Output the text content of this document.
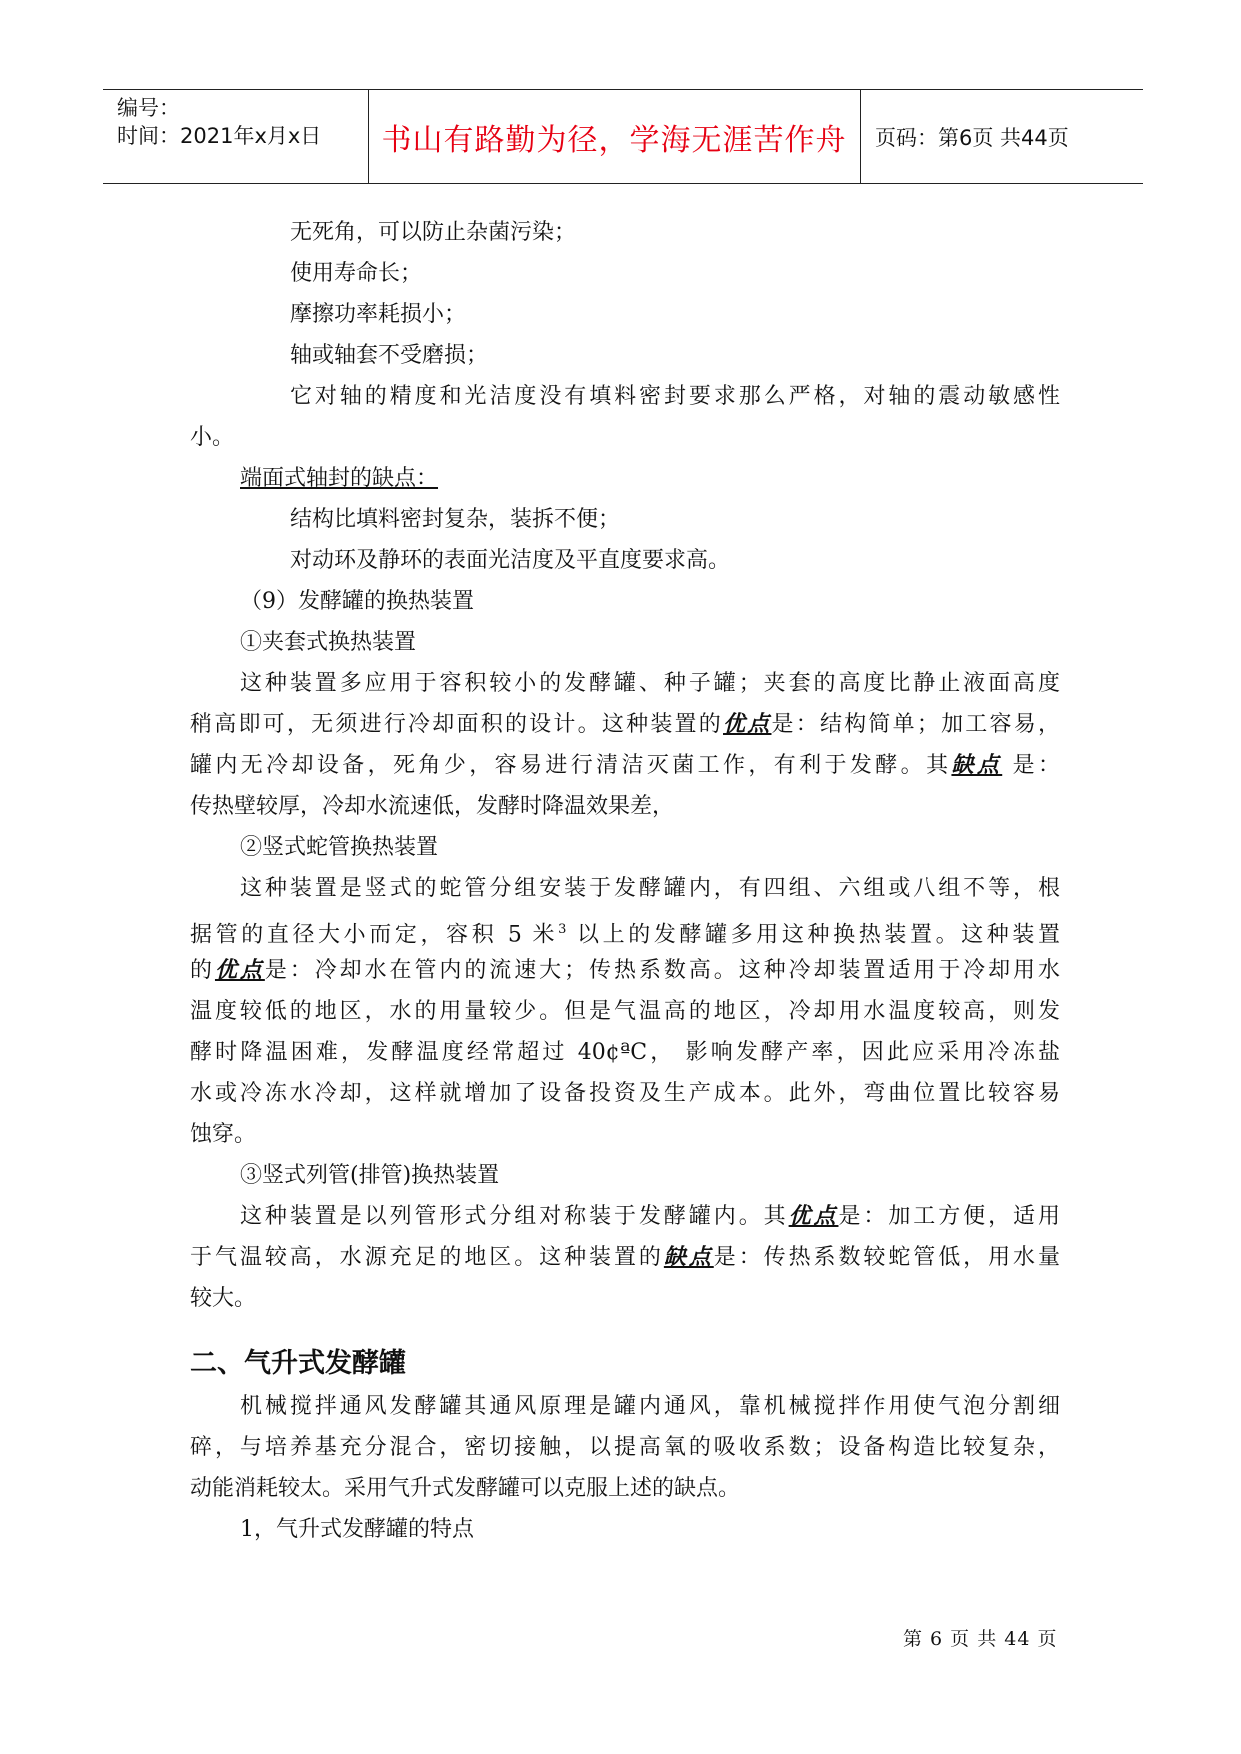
编号：
时间：2021年x月x日	书山有路勤为径，学海无涯苦作舟	页码：第6页 共44页
无死角，可以防止杂菌污染；
使用寿命长；
摩擦功率耗损小；
轴或轴套不受磨损；
它对轴的精度和光洁度没有填料密封要求那么严格，对轴的震动敏感性
小。
端面式轴封的缺点：
结构比填料密封复杂，装拆不便；
对动环及静环的表面光洁度及平直度要求高。
（9）发酵罐的换热装置
①夹套式换热装置
这种装置多应用于容积较小的发酵罐、种子罐；夹套的高度比静止液面高度
稍高即可，无须进行冷却面积的设计。这种装置的优点是：结构简单；加工容易，
罐内无冷却设备，死角少，容易进行清洁灭菌工作，有利于发酵。其缺点 是：
传热壁较厚，冷却水流速低，发酵时降温效果差，
②竖式蛇管换热装置
这种装置是竖式的蛇管分组安装于发酵罐内，有四组、六组或八组不等，根
据管的直径大小而定，容积 5 米$^3$ 以上的发酵罐多用这种换热装置。这种装置
的优点是：冷却水在管内的流速大；传热系数高。这种冷却装置适用于冷却用水
温度较低的地区，水的用量较少。但是气温高的地区，冷却用水温度较高，则发
酵时降温困难，发酵温度经常超过 40¢ªC， 影响发酵产率，因此应采用冷冻盐
水或冷冻水冷却，这样就增加了设备投资及生产成本。此外，弯曲位置比较容易
蚀穿。
③竖式列管(排管)换热装置
这种装置是以列管形式分组对称装于发酵罐内。其优点是：加工方便，适用
于气温较高，水源充足的地区。这种装置的缺点是：传热系数较蛇管低，用水量
较大。
二、气升式发酵罐
机械搅拌通风发酵罐其通风原理是罐内通风，靠机械搅拌作用使气泡分割细
碎，与培养基充分混合，密切接触，以提高氧的吸收系数；设备构造比较复杂，
动能消耗较太。采用气升式发酵罐可以克服上述的缺点。
1，气升式发酵罐的特点
第 6 页 共 44 页
